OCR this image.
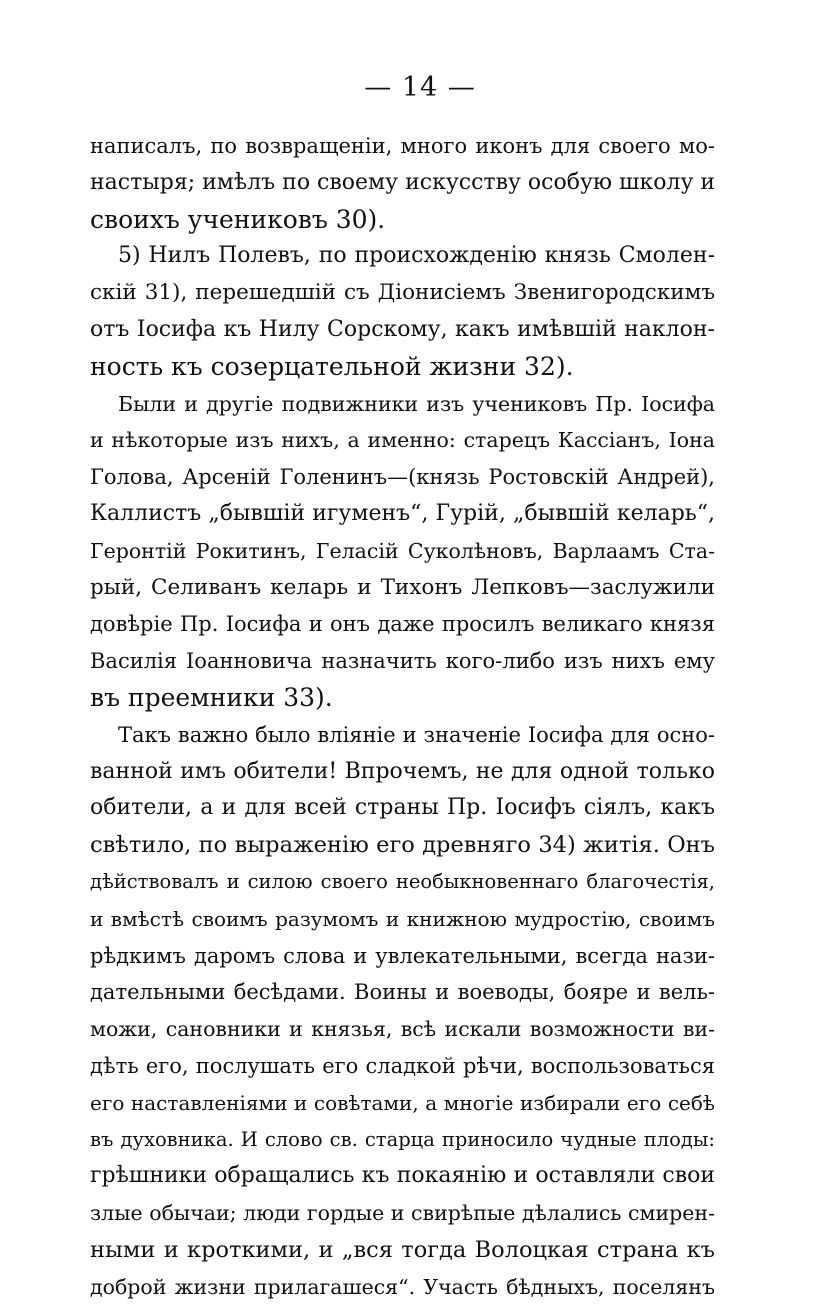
— 14 —
написалъ, по возвращеніи, много иконъ для своего мо-
настыря; имѣлъ по своему искусству особую школу и
своихъ учениковъ 30).
5) Нилъ Полевъ, по происхожденію князь Смолен-
скій 31), перешедшій съ Діонисіемъ Звенигородскимъ
отъ Іосифа къ Нилу Сорскому, какъ имѣвшій наклон-
ность къ созерцательной жизни 32).
Были и другіе подвижники изъ учениковъ Пр. Іосифа
и нѣкоторые изъ нихъ, а именно: старецъ Кассіанъ, Іона
Голова, Арсеній Голенинъ—(князь Ростовскій Андрей),
Каллистъ „бывшій игуменъ“, Гурій, „бывшій келарь“,
Геронтій Рокитинъ, Геласій Суколѣновъ, Варлаамъ Ста-
рый, Селиванъ келарь и Тихонъ Лепковъ—заслужили
довѣріе Пр. Іосифа и онъ даже просилъ великаго князя
Василія Іоанновича назначить кого-либо изъ нихъ ему
въ преемники 33).
Такъ важно было вліяніе и значеніе Іосифа для осно-
ванной имъ обители! Впрочемъ, не для одной только
обители, а и для всей страны Пр. Іосифъ сіялъ, какъ
свѣтило, по выраженію его древняго 34) житія. Онъ
дѣйствовалъ и силою своего необыкновеннаго благочестія,
и вмѣстѣ своимъ разумомъ и книжною мудростію, своимъ
рѣдкимъ даромъ слова и увлекательными, всегда нази-
дательными бесѣдами. Воины и воеводы, бояре и вель-
можи, сановники и князья, всѣ искали возможности ви-
дѣть его, послушать его сладкой рѣчи, воспользоваться
его наставленіями и совѣтами, а многіе избирали его себѣ
въ духовника. И слово св. старца приносило чудные плоды:
грѣшники обращались къ покаянію и оставляли свои
злые обычаи; люди гордые и свирѣпые дѣлались смирен-
ными и кроткими, и „вся тогда Волоцкая страна къ
доброй жизни прилагашеся“. Участь бѣдныхъ, поселянъ
